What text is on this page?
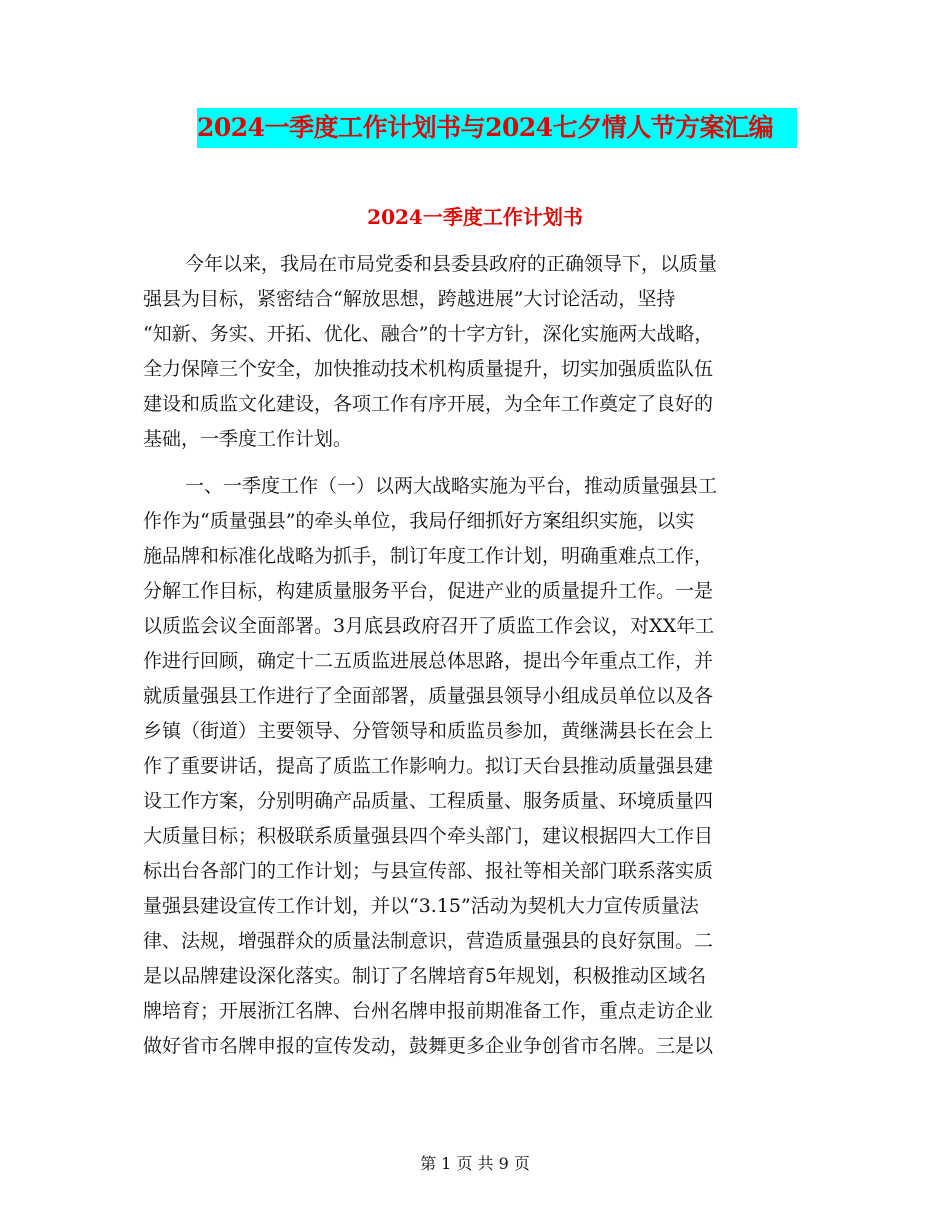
2024一季度工作计划书与2024七夕情人节方案汇编
2024一季度工作计划书
今年以来，我局在市局党委和县委县政府的正确领导下，以质量
强县为目标，紧密结合“解放思想，跨越进展”大讨论活动，坚持
“知新、务实、开拓、优化、融合”的十字方针，深化实施两大战略，
全力保障三个安全，加快推动技术机构质量提升，切实加强质监队伍
建设和质监文化建设，各项工作有序开展，为全年工作奠定了良好的
基础，一季度工作计划。
一、一季度工作（一）以两大战略实施为平台，推动质量强县工
作作为“质量强县”的牵头单位，我局仔细抓好方案组织实施，以实
施品牌和标准化战略为抓手，制订年度工作计划，明确重难点工作，
分解工作目标，构建质量服务平台，促进产业的质量提升工作。一是
以质监会议全面部署。3月底县政府召开了质监工作会议，对XX年工
作进行回顾，确定十二五质监进展总体思路，提出今年重点工作，并
就质量强县工作进行了全面部署，质量强县领导小组成员单位以及各
乡镇（街道）主要领导、分管领导和质监员参加，黄继满县长在会上
作了重要讲话，提高了质监工作影响力。拟订天台县推动质量强县建
设工作方案，分别明确产品质量、工程质量、服务质量、环境质量四
大质量目标；积极联系质量强县四个牵头部门，建议根据四大工作目
标出台各部门的工作计划；与县宣传部、报社等相关部门联系落实质
量强县建设宣传工作计划，并以“3.15”活动为契机大力宣传质量法
律、法规，增强群众的质量法制意识，营造质量强县的良好氛围。二
是以品牌建设深化落实。制订了名牌培育5年规划，积极推动区域名
牌培育；开展浙江名牌、台州名牌申报前期准备工作，重点走访企业
做好省市名牌申报的宣传发动，鼓舞更多企业争创省市名牌。三是以
第 1 页 共 9 页
